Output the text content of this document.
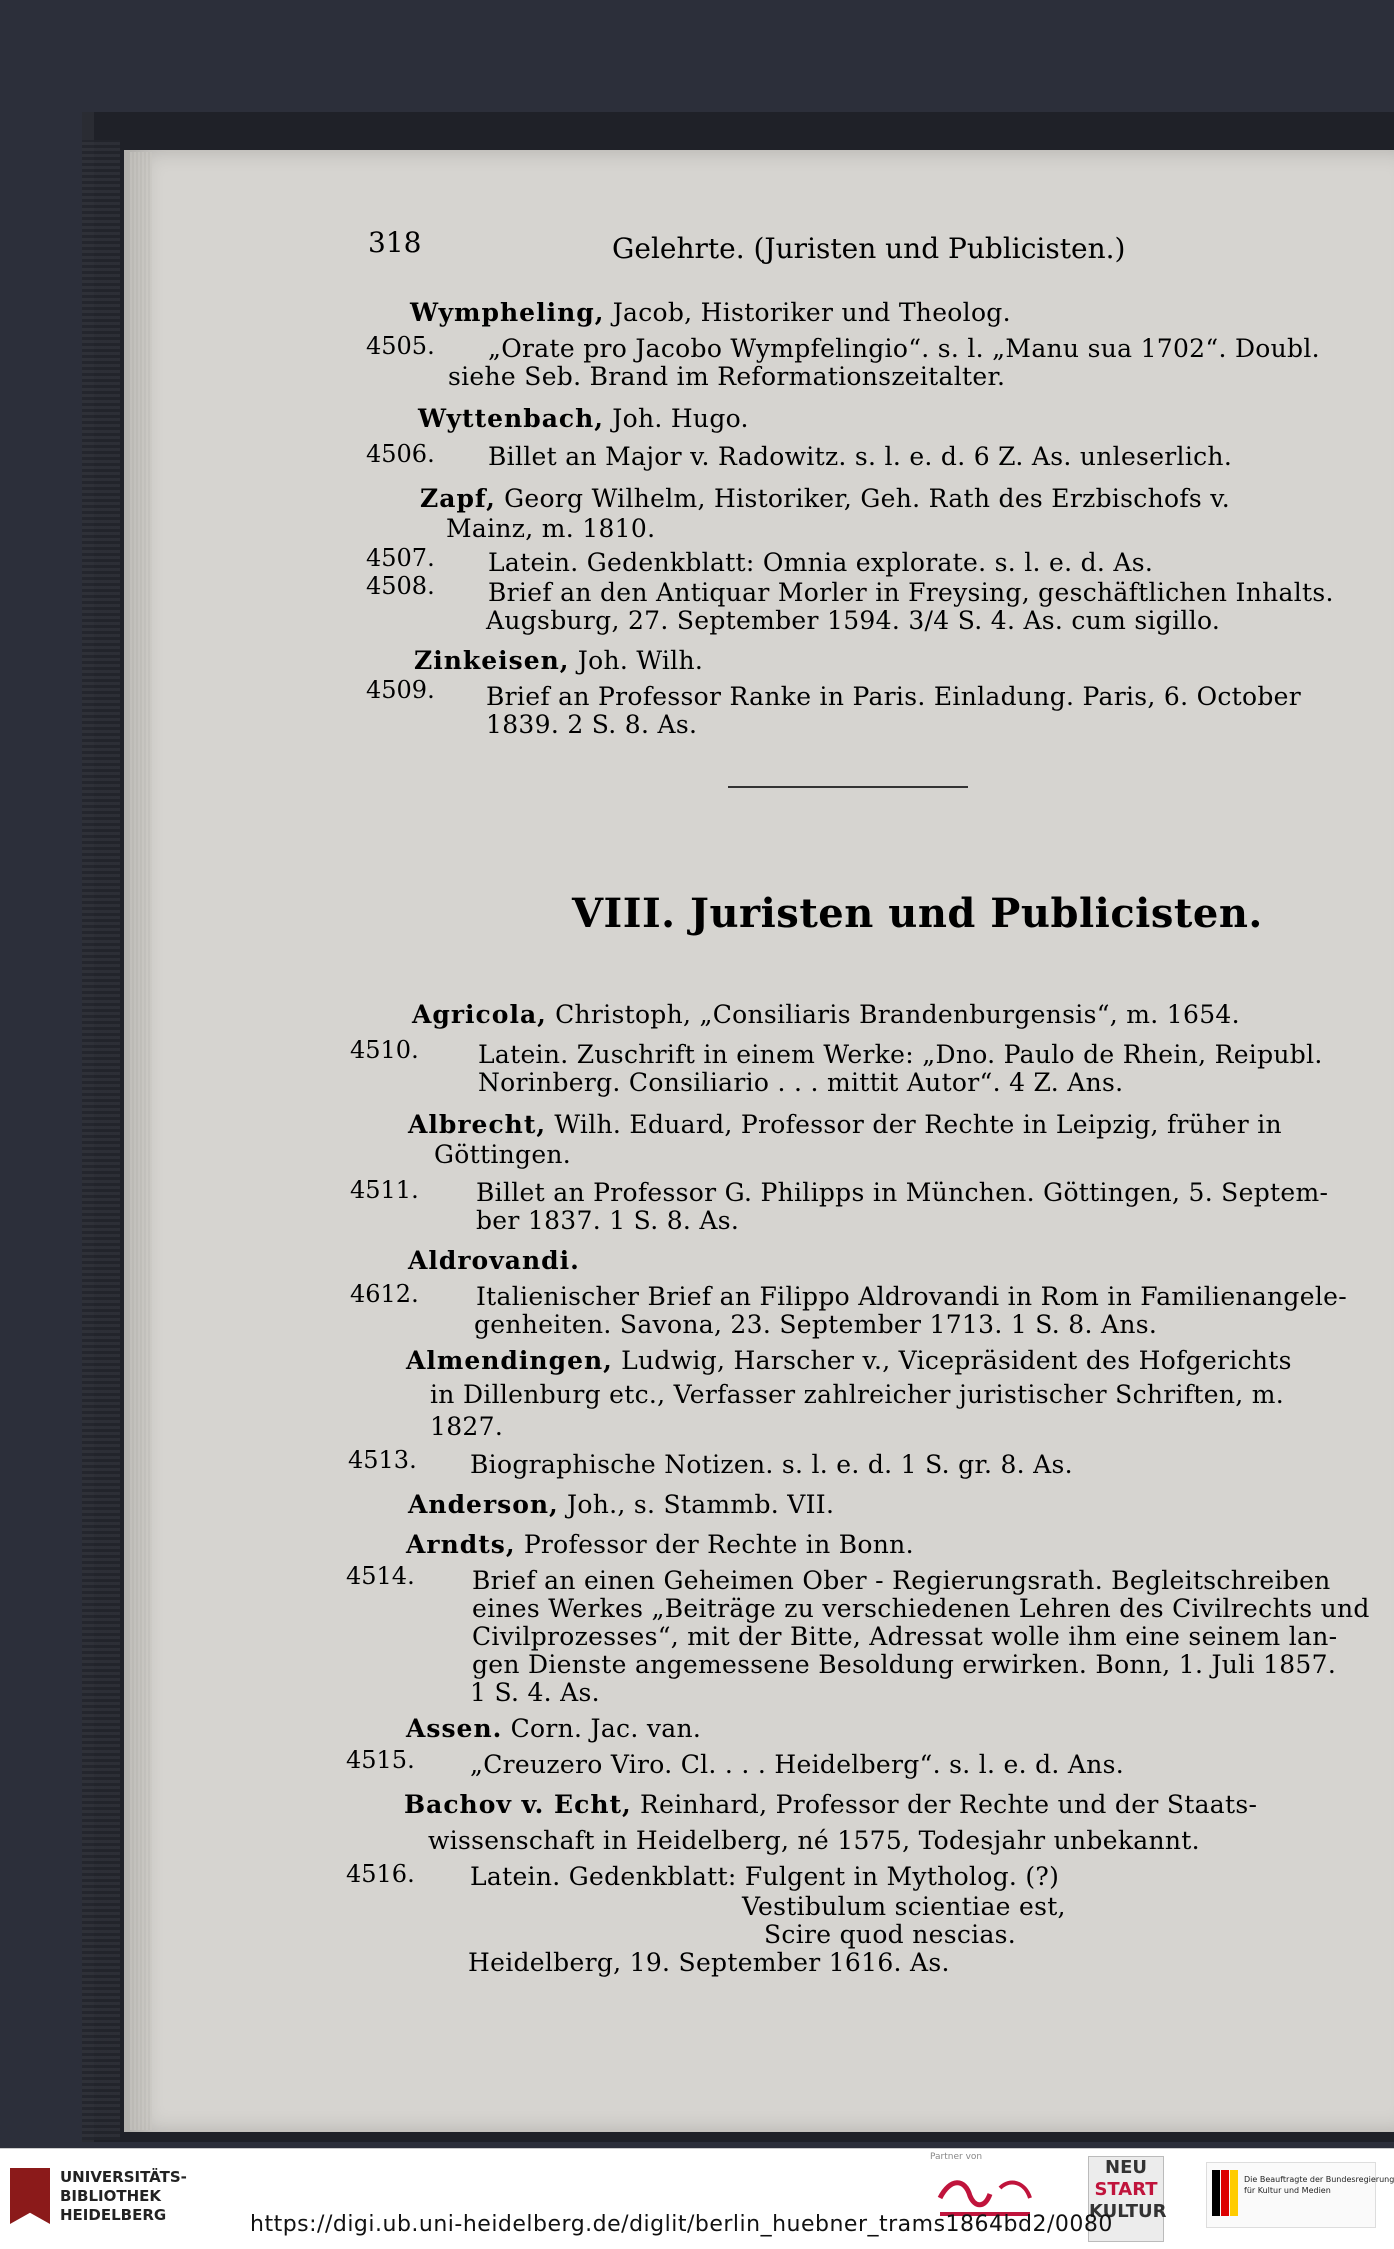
318	Gelehrte. (Juristen und Publicisten.)
Wympheling, Jacob, Historiker und Theolog.
4505. „Orate pro Jacobo Wympfelingio“. s. l. „Manu sua 1702“. Doubl.
siehe Seb. Brand im Reformationszeitalter.
Wyttenbach, Joh. Hugo.
4506. Billet an Major v. Radowitz. s. l. e. d. 6 Z. As. unleserlich.
Zapf, Georg Wilhelm, Historiker, Geh. Rath des Erzbischofs v.
Mainz, m. 1810.
4507. Latein. Gedenkblatt: Omnia explorate. s. l. e. d. As.
4508. Brief an den Antiquar Morler in Freysing, geschäftlichen Inhalts.
Augsburg, 27. September 1594. 3/4 S. 4. As. cum sigillo.
Zinkeisen, Joh. Wilh.
4509. Brief an Professor Ranke in Paris. Einladung. Paris, 6. October
1839. 2 S. 8. As.
VIII. Juristen und Publicisten.
Agricola, Christoph, „Consiliaris Brandenburgensis“, m. 1654.
4510. Latein. Zuschrift in einem Werke: „Dno. Paulo de Rhein, Reipubl.
Norinberg. Consiliario . . . mittit Autor“. 4 Z. Ans.
Albrecht, Wilh. Eduard, Professor der Rechte in Leipzig, früher in
Göttingen.
4511. Billet an Professor G. Philipps in München. Göttingen, 5. Septem-
ber 1837. 1 S. 8. As.
Aldrovandi.
4612. Italienischer Brief an Filippo Aldrovandi in Rom in Familienangele-
genheiten. Savona, 23. September 1713. 1 S. 8. Ans.
Almendingen, Ludwig, Harscher v., Vicepräsident des Hofgerichts
in Dillenburg etc., Verfasser zahlreicher juristischer Schriften, m.
1827.
4513. Biographische Notizen. s. l. e. d. 1 S. gr. 8. As.
Anderson, Joh., s. Stammb. VII.
Arndts, Professor der Rechte in Bonn.
4514. Brief an einen Geheimen Ober - Regierungsrath. Begleitschreiben
eines Werkes „Beiträge zu verschiedenen Lehren des Civilrechts und
Civilprozesses“, mit der Bitte, Adressat wolle ihm eine seinem lan-
gen Dienste angemessene Besoldung erwirken. Bonn, 1. Juli 1857.
1 S. 4. As.
Assen. Corn. Jac. van.
4515. „Creuzero Viro. Cl. . . . Heidelberg“. s. l. e. d. Ans.
Bachov v. Echt, Reinhard, Professor der Rechte und der Staats-
wissenschaft in Heidelberg, né 1575, Todesjahr unbekannt.
4516. Latein. Gedenkblatt: Fulgent in Mytholog. (?)
Vestibulum scientiae est,
Scire quod nescias.
Heidelberg, 19. September 1616. As.
UNIVERSITÄTS-
BIBLIOTHEK
HEIDELBERG
Partner von	NEU
START
KULTUR
Die Beauftragte der Bundesregierung
für Kultur und Medien
https://digi.ub.uni-heidelberg.de/diglit/berlin_huebner_trams1864bd2/0080
